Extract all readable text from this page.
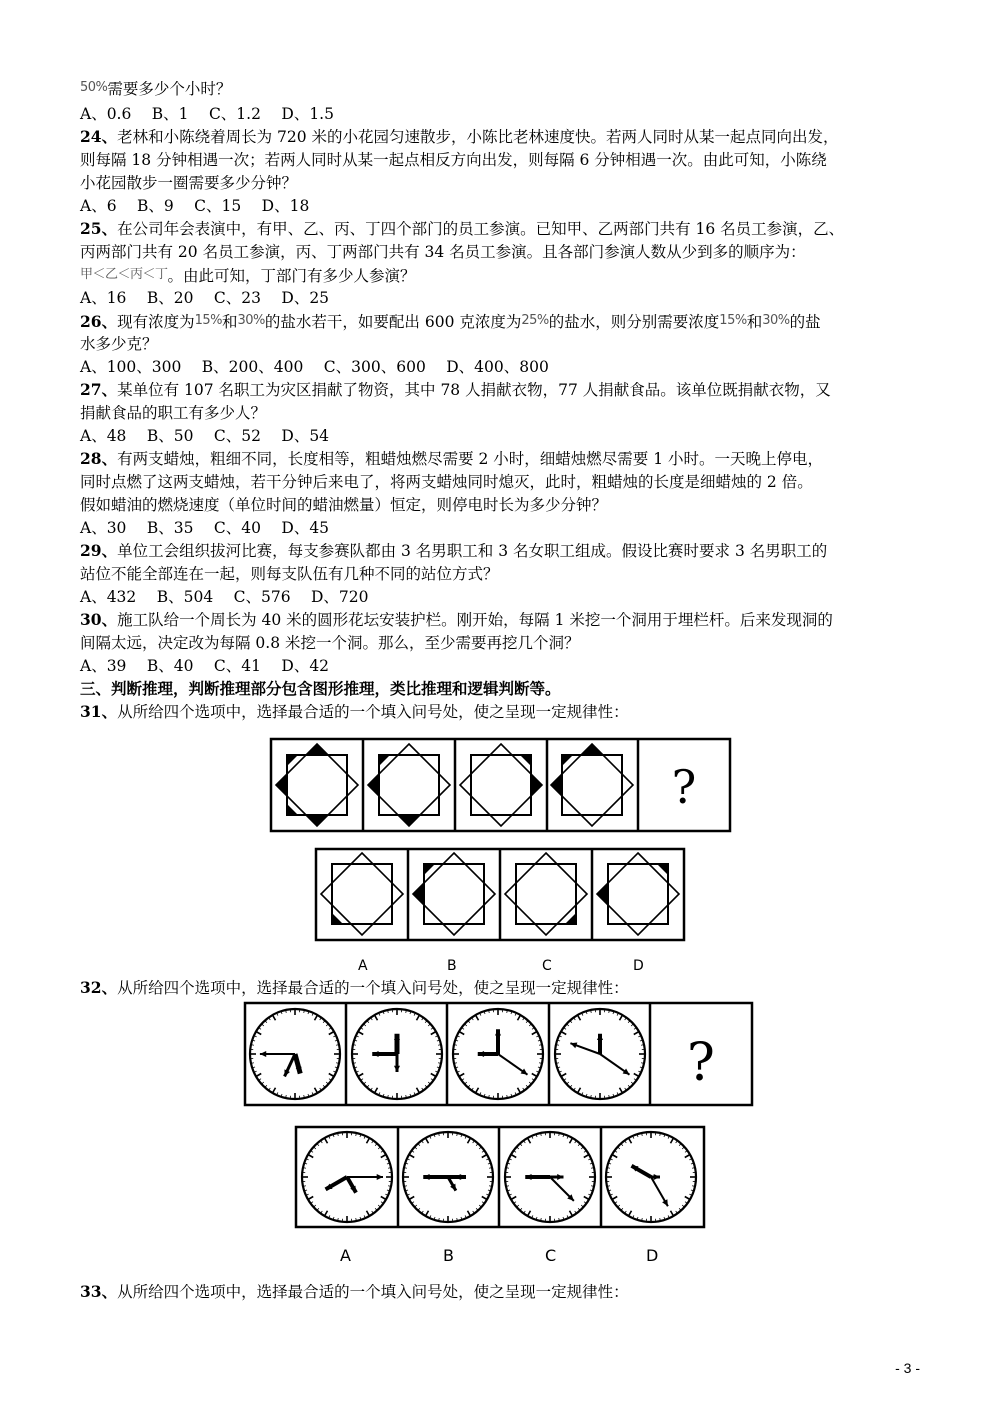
50%需要多少个小时？
A、0.6　 B、1　 C、1.2　 D、1.5
24、老林和小陈绕着周长为 720 米的小花园匀速散步，小陈比老林速度快。若两人同时从某一起点同向出发，
则每隔 18 分钟相遇一次；若两人同时从某一起点相反方向出发，则每隔 6 分钟相遇一次。由此可知，小陈绕
小花园散步一圈需要多少分钟？
A、6　 B、9　 C、15　 D、18
25、在公司年会表演中，有甲、乙、丙、丁四个部门的员工参演。已知甲、乙两部门共有 16 名员工参演，乙、
丙两部门共有 20 名员工参演，丙、丁两部门共有 34 名员工参演。且各部门参演人数从少到多的顺序为：
甲＜乙＜丙＜丁。由此可知，丁部门有多少人参演？
A、16　 B、20　 C、23　 D、25
26、现有浓度为15%和30%的盐水若干，如要配出 600 克浓度为25%的盐水，则分别需要浓度15%和30%的盐
水多少克？
A、100、300　 B、200、400　 C、300、600　 D、400、800
27、某单位有 107 名职工为灾区捐献了物资，其中 78 人捐献衣物，77 人捐献食品。该单位既捐献衣物，又
捐献食品的职工有多少人？
A、48　 B、50　 C、52　 D、54
28、有两支蜡烛，粗细不同，长度相等，粗蜡烛燃尽需要 2 小时，细蜡烛燃尽需要 1 小时。一天晚上停电，
同时点燃了这两支蜡烛，若干分钟后来电了，将两支蜡烛同时熄灭，此时，粗蜡烛的长度是细蜡烛的 2 倍。
假如蜡油的燃烧速度（单位时间的蜡油燃量）恒定，则停电时长为多少分钟？
A、30　 B、35　 C、40　 D、45
29、单位工会组织拔河比赛，每支参赛队都由 3 名男职工和 3 名女职工组成。假设比赛时要求 3 名男职工的
站位不能全部连在一起，则每支队伍有几种不同的站位方式？
A、432　 B、504　 C、576　 D、720
30、施工队给一个周长为 40 米的圆形花坛安装护栏。刚开始，每隔 1 米挖一个洞用于埋栏杆。后来发现洞的
间隔太远，决定改为每隔 0.8 米挖一个洞。那么，至少需要再挖几个洞？
A、39　 B、40　 C、41　 D、42
三、判断推理，判断推理部分包含图形推理，类比推理和逻辑判断等。
31、从所给四个选项中，选择最合适的一个填入问号处，使之呈现一定规律性：
?
?
A	B	C	D
32、从所给四个选项中，选择最合适的一个填入问号处，使之呈现一定规律性：
A	B	C	D
33、从所给四个选项中，选择最合适的一个填入问号处，使之呈现一定规律性：
- 3 -
